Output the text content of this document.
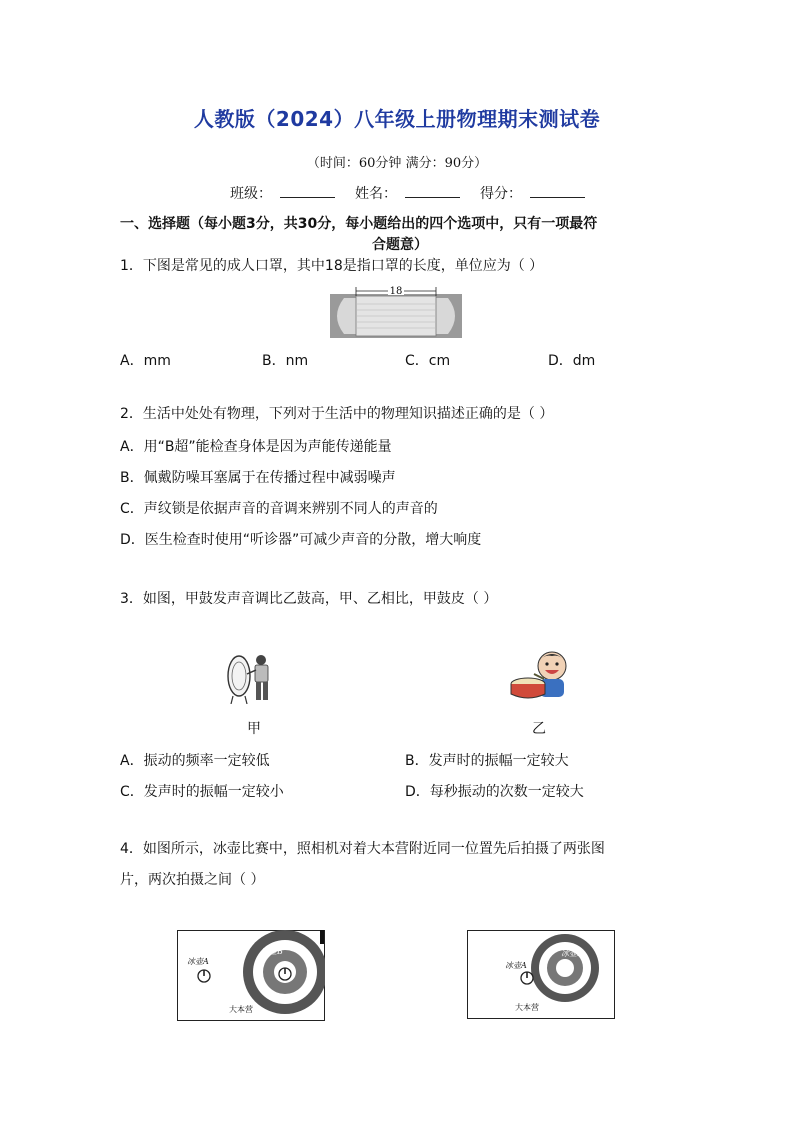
人教版（2024）八年级上册物理期末测试卷
（时间：60分钟 满分：90分）
班级：	姓名：	得分：
一、选择题（每小题3分，共30分，每小题给出的四个选项中，只有一项最符
合题意）
1．下图是常见的成人口罩，其中18是指口罩的长度，单位应为（ ）
18
A．mm	B．nm	C．cm	D．dm
2．生活中处处有物理，下列对于生活中的物理知识描述正确的是（ ）
A．用“B超”能检查身体是因为声能传递能量
B．佩戴防噪耳塞属于在传播过程中减弱噪声
C．声纹锁是依据声音的音调来辨别不同人的声音的
D．医生检查时使用“听诊器”可减少声音的分散，增大响度
3．如图，甲鼓发声音调比乙鼓高，甲、乙相比，甲鼓皮（ ）
甲	乙
A．振动的频率一定较低	B．发声时的振幅一定较大
C．发声时的振幅一定较小	D．每秒振动的次数一定较大
4．如图所示，冰壶比赛中，照相机对着大本营附近同一位置先后拍摄了两张图
片，两次拍摄之间（ ）
冰壶A
冰壶B
大本营
冰壶A
冰壶B
大本营
